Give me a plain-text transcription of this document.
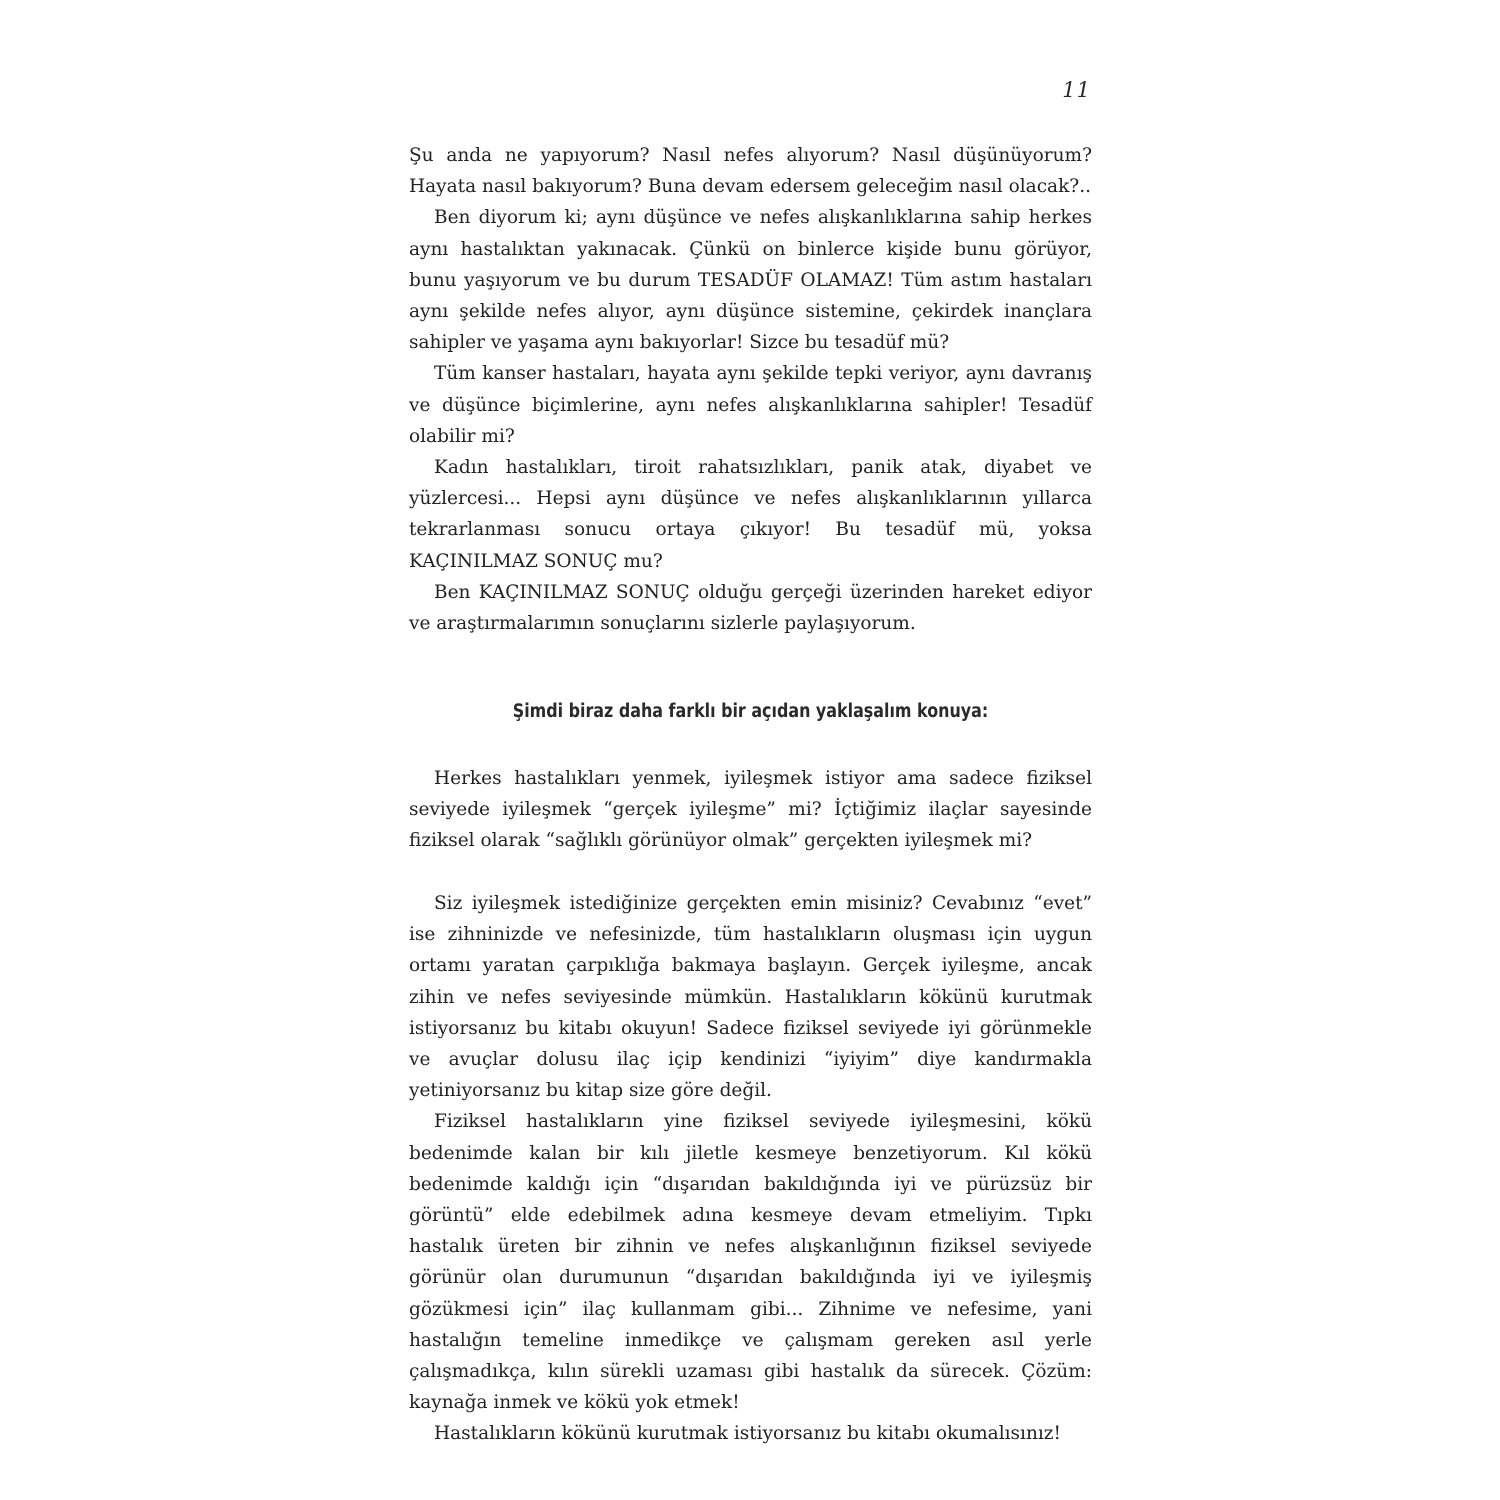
11

Şu anda ne yapıyorum? Nasıl nefes alıyorum? Nasıl düşünüyorum? Hayata nasıl bakıyorum? Buna devam edersem geleceğim nasıl olacak?..

Ben diyorum ki; aynı düşünce ve nefes alışkanlıklarına sahip herkes aynı hastalıktan yakınacak. Çünkü on binlerce kişide bunu görüyor, bunu yaşıyorum ve bu durum TESADÜF OLAMAZ! Tüm astım hastaları aynı şekilde nefes alıyor, aynı düşünce sistemine, çekirdek inançlara sahipler ve yaşama aynı bakıyorlar! Sizce bu tesadüf mü?

Tüm kanser hastaları, hayata aynı şekilde tepki veriyor, aynı davranış ve düşünce biçimlerine, aynı nefes alışkanlıklarına sahipler! Tesadüf olabilir mi?

Kadın hastalıkları, tiroit rahatsızlıkları, panik atak, diyabet ve yüzlercesi... Hepsi aynı düşünce ve nefes alışkanlıklarının yıllarca tekrarlanması sonucu ortaya çıkıyor! Bu tesadüf mü, yoksa KAÇINILMAZ SONUÇ mu?

Ben KAÇINILMAZ SONUÇ olduğu gerçeği üzerinden hareket ediyor ve araştırmalarımın sonuçlarını sizlerle paylaşıyorum.

Şimdi biraz daha farklı bir açıdan yaklaşalım konuya:

Herkes hastalıkları yenmek, iyileşmek istiyor ama sadece fiziksel seviyede iyileşmek “gerçek iyileşme” mi? İçtiğimiz ilaçlar sayesinde fiziksel olarak “sağlıklı görünüyor olmak” gerçekten iyileşmek mi?

Siz iyileşmek istediğinize gerçekten emin misiniz? Cevabınız “evet” ise zihninizde ve nefesinizde, tüm hastalıkların oluşması için uygun ortamı yaratan çarpıklığa bakmaya başlayın. Gerçek iyileşme, ancak zihin ve nefes seviyesinde mümkün. Hastalıkların kökünü kurutmak istiyorsanız bu kitabı okuyun! Sadece fiziksel seviyede iyi görünmekle ve avuçlar dolusu ilaç içip kendinizi “iyiyim” diye kandırmakla yetiniyorsanız bu kitap size göre değil.

Fiziksel hastalıkların yine fiziksel seviyede iyileşmesini, kökü bedenimde kalan bir kılı jiletle kesmeye benzetiyorum. Kıl kökü bedenimde kaldığı için “dışarıdan bakıldığında iyi ve pürüzsüz bir görüntü” elde edebilmek adına kesmeye devam etmeliyim. Tıpkı hastalık üreten bir zihnin ve nefes alışkanlığının fiziksel seviyede görünür olan durumunun “dışarıdan bakıldığında iyi ve iyileşmiş gözükmesi için” ilaç kullanmam gibi... Zihnime ve nefesime, yani hastalığın temeline inmedikçe ve çalışmam gereken asıl yerle çalışmadıkça, kılın sürekli uzaması gibi hastalık da sürecek. Çözüm: kaynağa inmek ve kökü yok etmek!

Hastalıkların kökünü kurutmak istiyorsanız bu kitabı okumalısınız!
